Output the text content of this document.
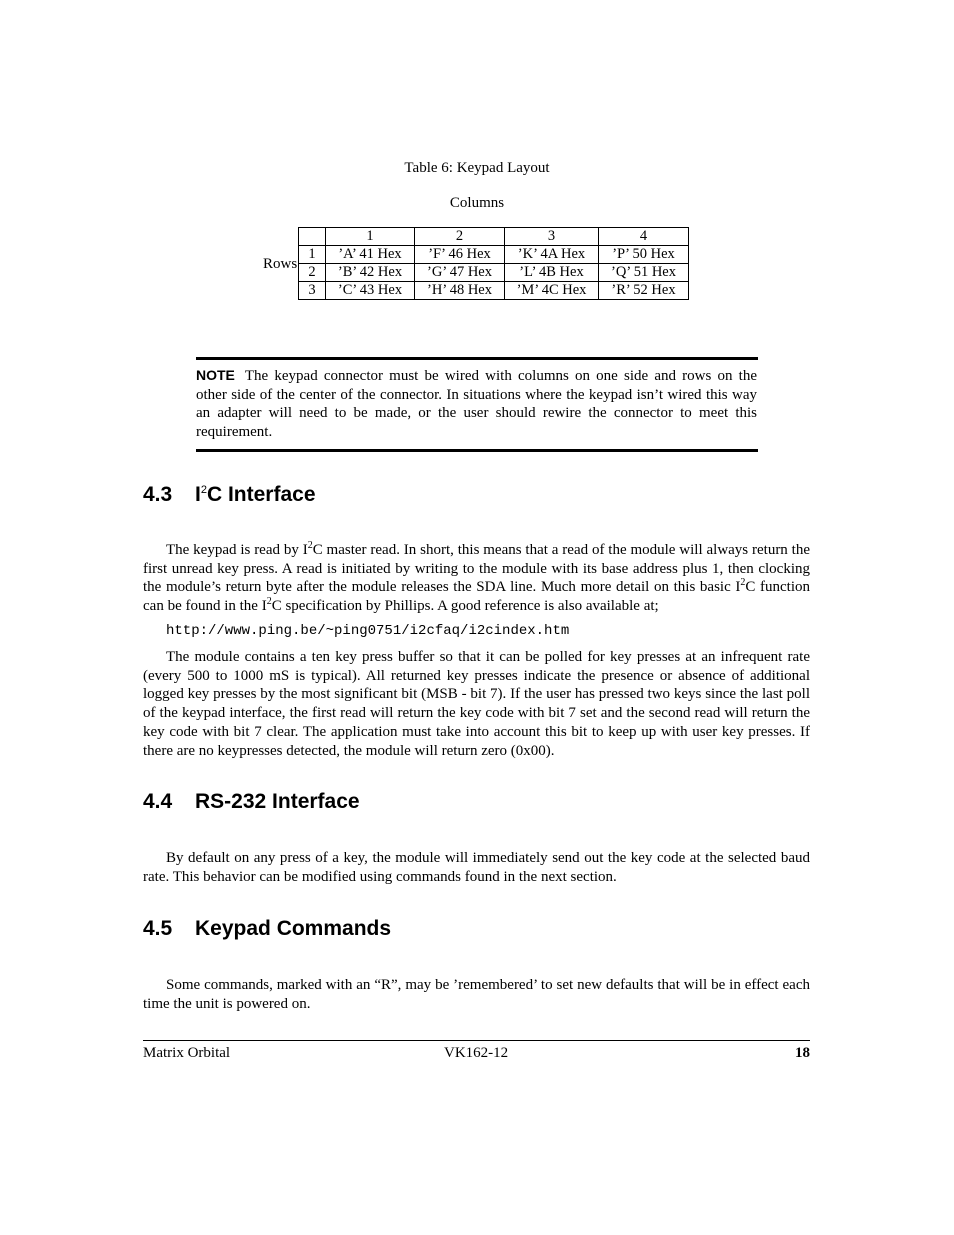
Table 6: Keypad Layout
Columns
Rows
	1	2	3	4
1	’A’ 41 Hex	’F’ 46 Hex	’K’ 4A Hex	’P’ 50 Hex
2	’B’ 42 Hex	’G’ 47 Hex	’L’ 4B Hex	’Q’ 51 Hex
3	’C’ 43 Hex	’H’ 48 Hex	’M’ 4C Hex	’R’ 52 Hex
NOTE The keypad connector must be wired with columns on one side and rows on the other side of the center of the connector. In situations where the keypad isn’t wired this way an adapter will need to be made, or the user should rewire the connector to meet this requirement.
4.3 $I^2C$ Interface

The keypad is read by $I^2C$ master read. In short, this means that a read of the module will always return the first unread key press. A read is initiated by writing to the module with its base address plus 1, then clocking the module’s return byte after the module releases the SDA line. Much more detail on this basic $I^2C$ function can be found in the $I^2C$ specification by Phillips. A good reference is also available at;

http://www.ping.be/~ping0751/i2cfaq/i2cindex.htm

The module contains a ten key press buffer so that it can be polled for key presses at an infrequent rate (every 500 to 1000 mS is typical). All returned key presses indicate the presence or absence of additional logged key presses by the most significant bit (MSB - bit 7). If the user has pressed two keys since the last poll of the keypad interface, the first read will return the key code with bit 7 set and the second read will return the key code with bit 7 clear. The application must take into account this bit to keep up with user key presses. If there are no keypresses detected, the module will return zero (0x00).

4.4 RS-232 Interface

By default on any press of a key, the module will immediately send out the key code at the selected baud rate. This behavior can be modified using commands found in the next section.

4.5 Keypad Commands

Some commands, marked with an “R”, may be ’remembered’ to set new defaults that will be in effect each time the unit is powered on.

Matrix Orbital	VK162-12	18
